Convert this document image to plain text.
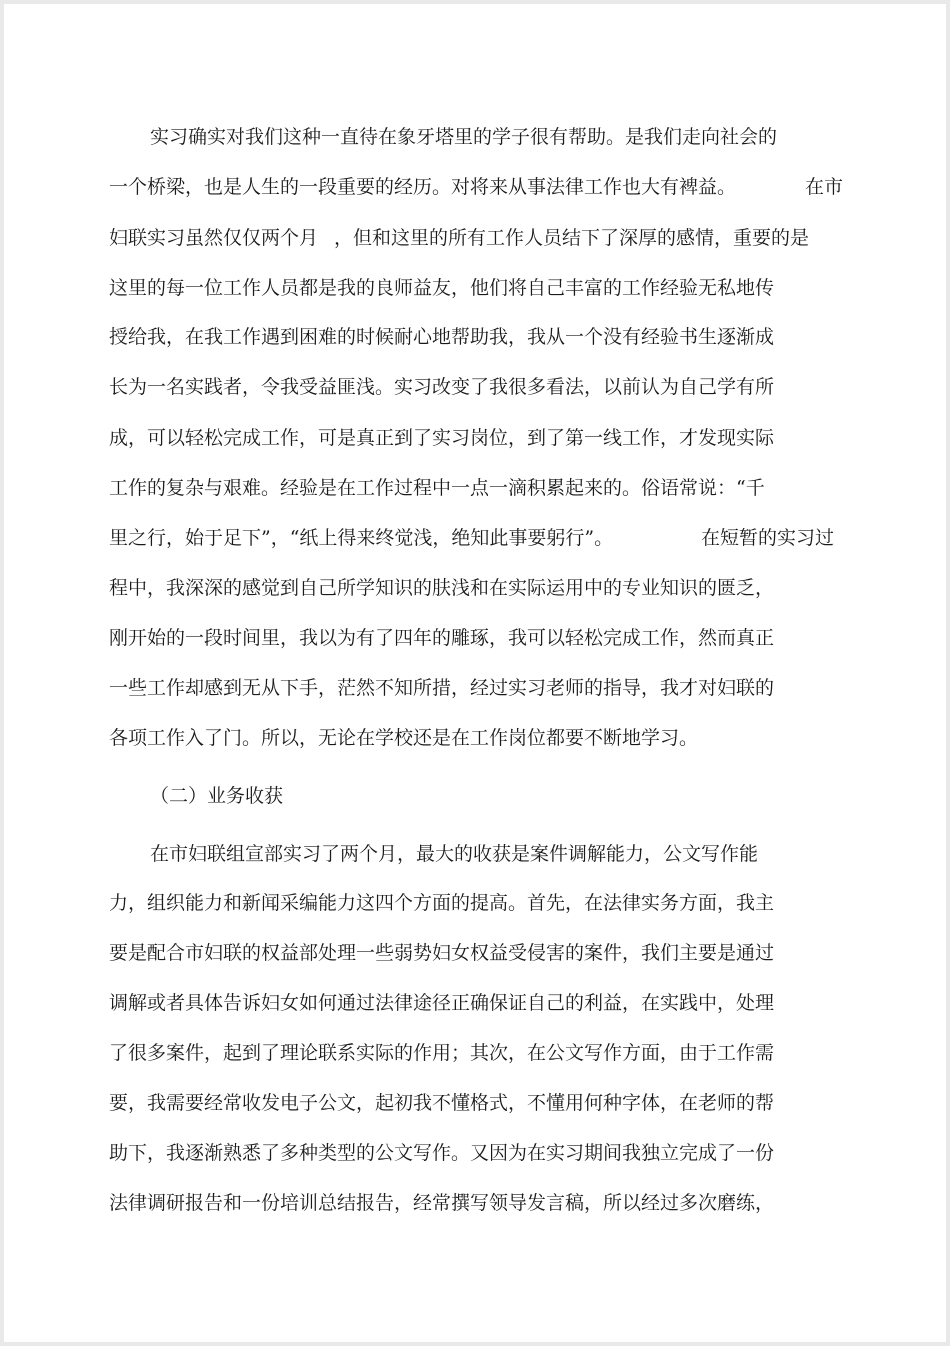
实习确实对我们这种一直待在象牙塔里的学子很有帮助。是我们走向社会的
一个桥梁，也是人生的一段重要的经历。对将来从事法律工作也大有裨益。	在市
妇联实习虽然仅仅两个月 ，但和这里的所有工作人员结下了深厚的感情，重要的是
这里的每一位工作人员都是我的良师益友，他们将自己丰富的工作经验无私地传
授给我，在我工作遇到困难的时候耐心地帮助我，我从一个没有经验书生逐渐成
长为一名实践者，令我受益匪浅。实习改变了我很多看法，以前认为自己学有所
成，可以轻松完成工作，可是真正到了实习岗位，到了第一线工作，才发现实际
工作的复杂与艰难。经验是在工作过程中一点一滴积累起来的。俗语常说：“千
里之行，始于足下”，“纸上得来终觉浅，绝知此事要躬行”。	在短暂的实习过
程中，我深深的感觉到自己所学知识的肤浅和在实际运用中的专业知识的匮乏，
刚开始的一段时间里，我以为有了四年的雕琢，我可以轻松完成工作，然而真正
一些工作却感到无从下手，茫然不知所措，经过实习老师的指导，我才对妇联的
各项工作入了门。所以，无论在学校还是在工作岗位都要不断地学习。
（二）业务收获
在市妇联组宣部实习了两个月，最大的收获是案件调解能力，公文写作能
力，组织能力和新闻采编能力这四个方面的提高。首先，在法律实务方面，我主
要是配合市妇联的权益部处理一些弱势妇女权益受侵害的案件，我们主要是通过
调解或者具体告诉妇女如何通过法律途径正确保证自己的利益，在实践中，处理
了很多案件，起到了理论联系实际的作用；其次，在公文写作方面，由于工作需
要，我需要经常收发电子公文，起初我不懂格式，不懂用何种字体，在老师的帮
助下，我逐渐熟悉了多种类型的公文写作。又因为在实习期间我独立完成了一份
法律调研报告和一份培训总结报告，经常撰写领导发言稿，所以经过多次磨练，
